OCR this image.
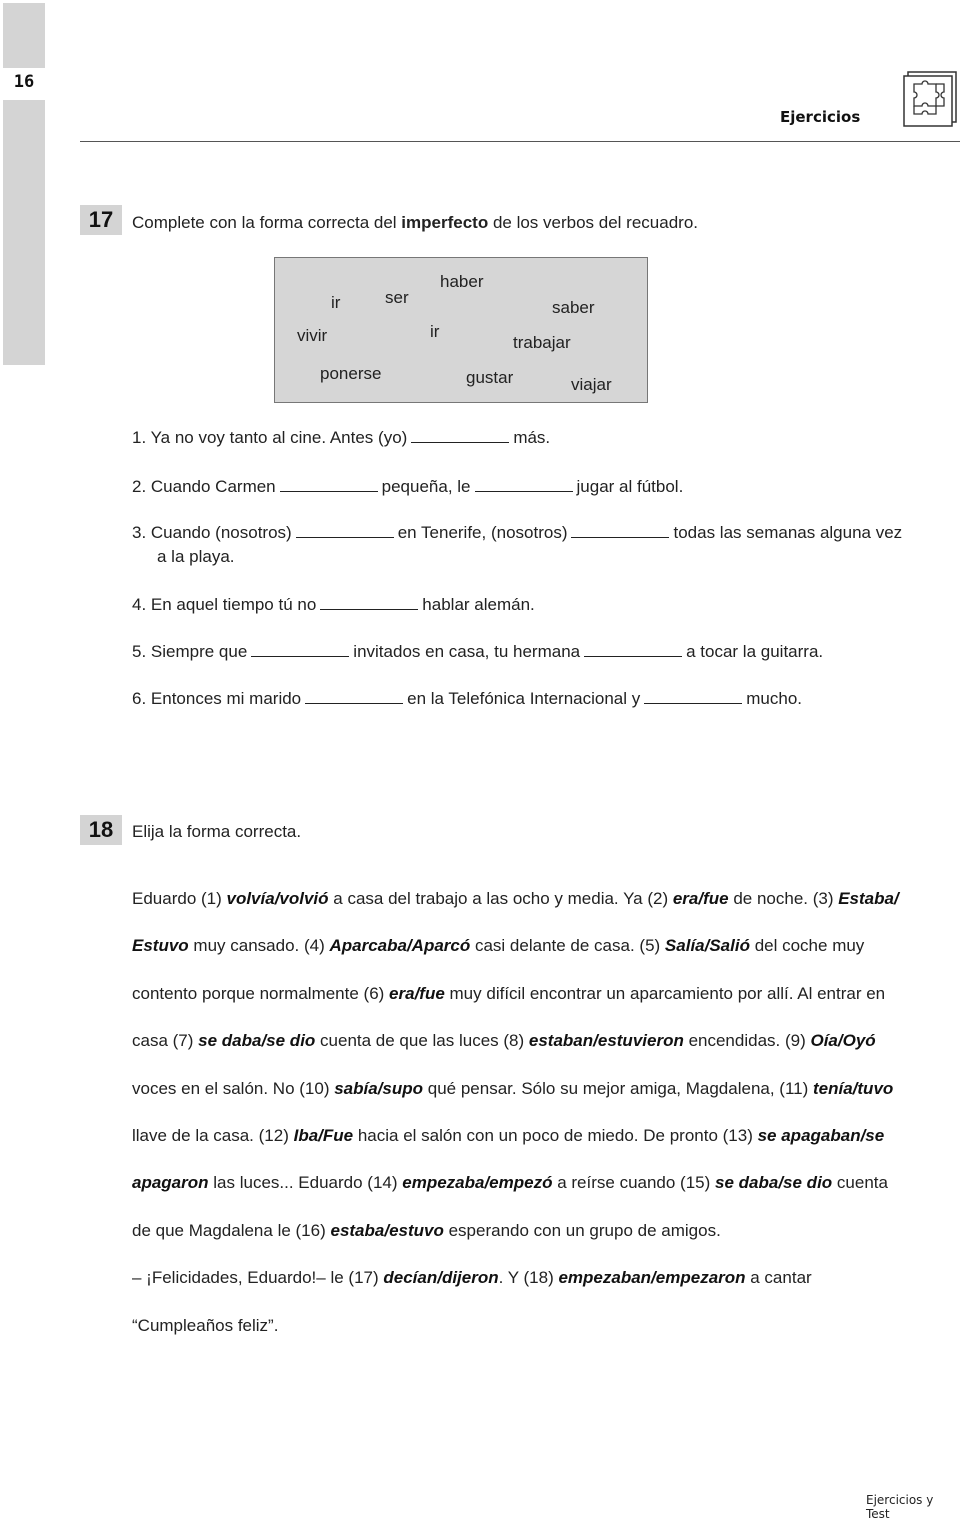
16
Ejercicios
17	Complete con la forma correcta del imperfecto de los verbos del recuadro.
haber
ir	ser
saber
vivir	ir
trabajar
ponerse	gustar	viajar
1. Ya no voy tanto al cine. Antes (yo)	más.
2. Cuando Carmen	pequeña, le	jugar al fútbol.
3. Cuando (nosotros)	en Tenerife, (nosotros)	todas las semanas alguna vez
a la playa.
4. En aquel tiempo tú no	hablar alemán.
5. Siempre que	invitados en casa, tu hermana	a tocar la guitarra.
6. Entonces mi marido	en la Telefónica Internacional y	mucho.
18	Elija la forma correcta.
Eduardo (1) volvía/volvió a casa del trabajo a las ocho y media. Ya (2) era/fue de noche. (3) Estaba/
Estuvo muy cansado. (4) Aparcaba/Aparcó casi delante de casa. (5) Salía/Salió del coche muy
contento porque normalmente (6) era/fue muy difícil encontrar un aparcamiento por allí. Al entrar en
casa (7) se daba/se dio cuenta de que las luces (8) estaban/estuvieron encendidas. (9) Oía/Oyó
voces en el salón. No (10) sabía/supo qué pensar. Sólo su mejor amiga, Magdalena, (11) tenía/tuvo
llave de la casa. (12) Iba/Fue hacia el salón con un poco de miedo. De pronto (13) se apagaban/se
apagaron las luces... Eduardo (14) empezaba/empezó a reírse cuando (15) se daba/se dio cuenta
de que Magdalena le (16) estaba/estuvo esperando con un grupo de amigos.
– ¡Felicidades, Eduardo!– le (17) decían/dijeron. Y (18) empezaban/empezaron a cantar
“Cumpleaños feliz”.
Ejercicios y Test
